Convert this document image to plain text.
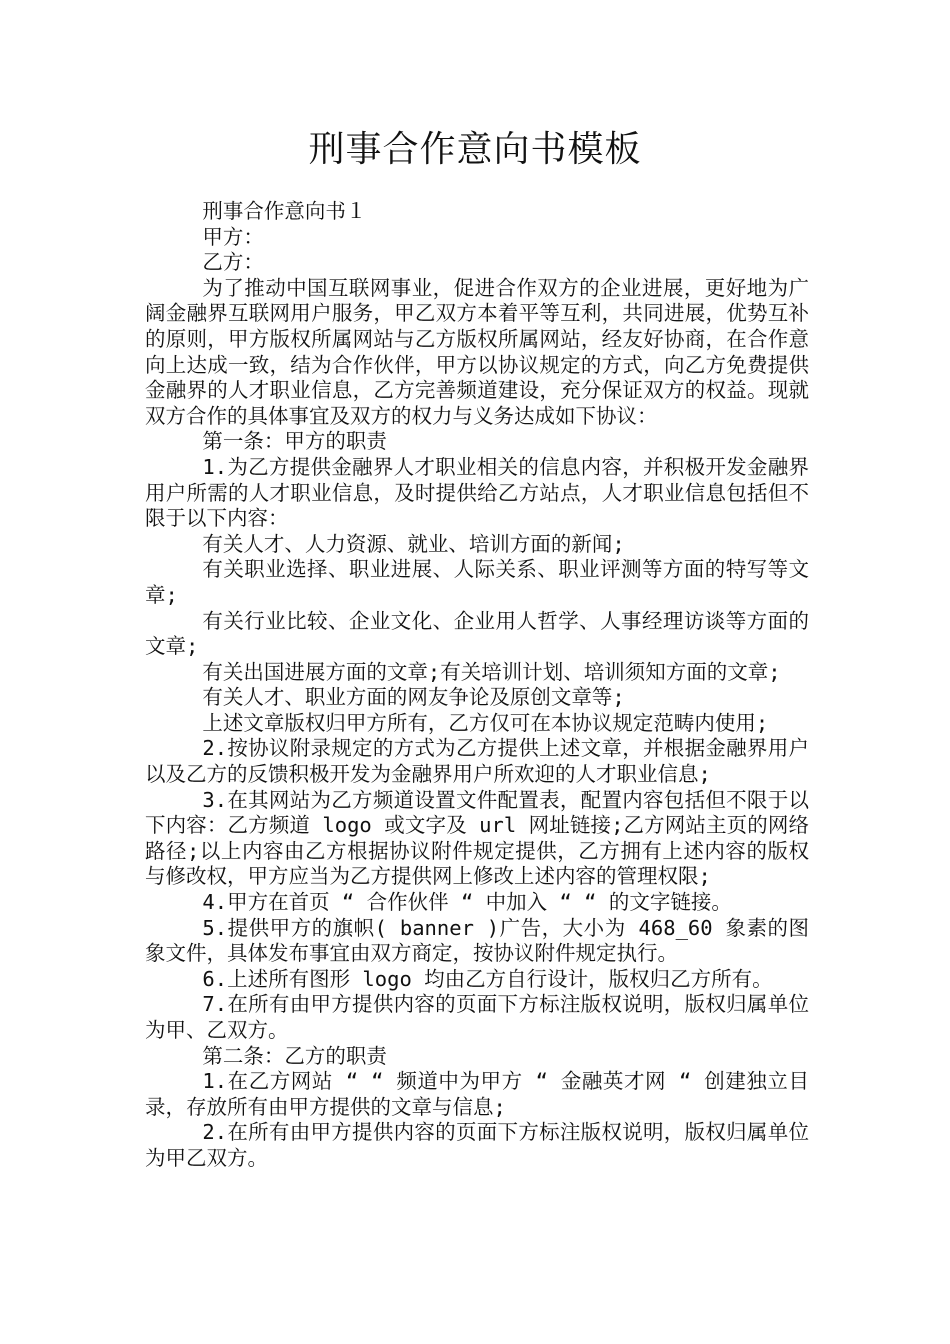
刑事合作意向书模板

刑事合作意向书１

甲方：

乙方：

为了推动中国互联网事业，促进合作双方的企业进展，更好地为广阔金融界互联网用户服务，甲乙双方本着平等互利，共同进展，优势互补的原则，甲方版权所属网站与乙方版权所属网站，经友好协商，在合作意向上达成一致，结为合作伙伴，甲方以协议规定的方式，向乙方免费提供金融界的人才职业信息，乙方完善频道建设，充分保证双方的权益。现就双方合作的具体事宜及双方的权力与义务达成如下协议：

第一条：甲方的职责

1.为乙方提供金融界人才职业相关的信息内容，并积极开发金融界用户所需的人才职业信息，及时提供给乙方站点，人才职业信息包括但不限于以下内容：

有关人才、人力资源、就业、培训方面的新闻;

有关职业选择、职业进展、人际关系、职业评测等方面的特写等文章;

有关行业比较、企业文化、企业用人哲学、人事经理访谈等方面的文章;

有关出国进展方面的文章;有关培训计划、培训须知方面的文章;

有关人才、职业方面的网友争论及原创文章等;

上述文章版权归甲方所有，乙方仅可在本协议规定范畴内使用;

2.按协议附录规定的方式为乙方提供上述文章，并根据金融界用户以及乙方的反馈积极开发为金融界用户所欢迎的人才职业信息;

3.在其网站为乙方频道设置文件配置表，配置内容包括但不限于以下内容：乙方频道 logo 或文字及 url 网址链接;乙方网站主页的网络路径;以上内容由乙方根据协议附件规定提供，乙方拥有上述内容的版权与修改权，甲方应当为乙方提供网上修改上述内容的管理权限;

4.甲方在首页 “ 合作伙伴 “ 中加入 “ “ 的文字链接。

5.提供甲方的旗帜( banner )广告，大小为 468_60 象素的图象文件，具体发布事宜由双方商定，按协议附件规定执行。

6.上述所有图形 logo 均由乙方自行设计，版权归乙方所有。

7.在所有由甲方提供内容的页面下方标注版权说明，版权归属单位为甲、乙双方。

第二条：乙方的职责

1.在乙方网站 “ “ 频道中为甲方 “ 金融英才网 “ 创建独立目录，存放所有由甲方提供的文章与信息;

2.在所有由甲方提供内容的页面下方标注版权说明，版权归属单位为甲乙双方。
